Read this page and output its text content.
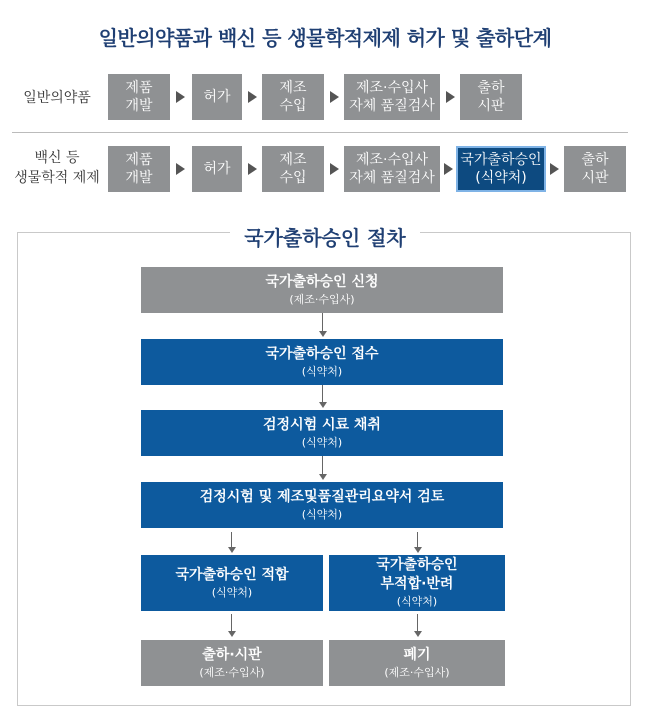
일반의약품과 백신 등 생물학적제제 허가 및 출하단계
일반의약품
제품
개발
허가
제조
수입
제조·수입사
자체 품질검사
출하
시판
백신 등
생물학적 제제
제품
개발
허가
제조
수입
제조·수입사
자체 품질검사
국가출하승인
(식약처)
출하
시판
국가출하승인 절차
국가출하승인 신청
(제조·수입사)
국가출하승인 접수
(식약처)
검정시험 시료 채취
(식약처)
검정시험 및 제조및품질관리요약서 검토
(식약처)
국가출하승인 적합
(식약처)
국가출하승인
부적합·반려
(식약처)
출하·시판
(제조·수입사)
폐기
(제조·수입사)
